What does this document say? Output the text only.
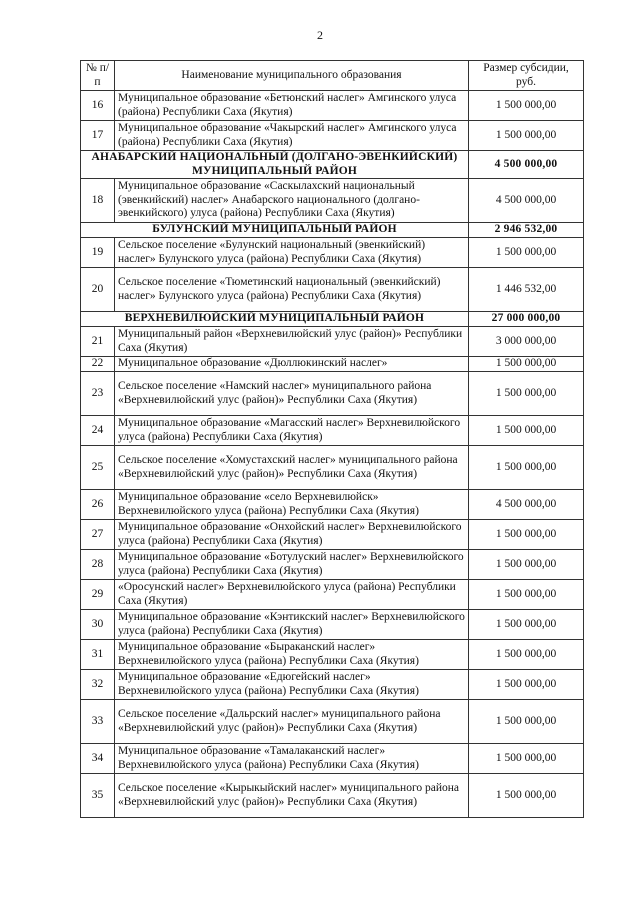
2
№ п/п	Наименование муниципального образования	Размер субсидии, руб.
16	Муниципальное образование «Бетюнский наслег» Амгинского улуса (района) Республики Саха (Якутия)	1 500 000,00
17	Муниципальное образование «Чакырский наслег» Амгинского улуса (района) Республики Саха (Якутия)	1 500 000,00
АНАБАРСКИЙ НАЦИОНАЛЬНЫЙ (ДОЛГАНО-ЭВЕНКИЙСКИЙ) МУНИЦИПАЛЬНЫЙ РАЙОН		4 500 000,00
18	Муниципальное образование «Саскылахский национальный (эвенкийский) наслег» Анабарского национального (долгано-эвенкийского) улуса (района) Республики Саха (Якутия)	4 500 000,00
БУЛУНСКИЙ МУНИЦИПАЛЬНЫЙ РАЙОН		2 946 532,00
19	Сельское поселение «Булунский национальный (эвенкийский) наслег» Булунского улуса (района) Республики Саха (Якутия)	1 500 000,00
20	Сельское поселение «Тюметинский национальный (эвенкийский) наслег» Булунского улуса (района) Республики Саха (Якутия)	1 446 532,00
ВЕРХНЕВИЛЮЙСКИЙ МУНИЦИПАЛЬНЫЙ РАЙОН		27 000 000,00
21	Муниципальный район «Верхневилюйский улус (район)» Республики Саха (Якутия)	3 000 000,00
22	Муниципальное образование «Дюллюкинский наслег»	1 500 000,00
23	Сельское поселение «Намский наслег» муниципального района «Верхневилюйский улус (район)» Республики Саха (Якутия)	1 500 000,00
24	Муниципальное образование «Магасский наслег» Верхневилюйского улуса (района) Республики Саха (Якутия)	1 500 000,00
25	Сельское поселение «Хомустахский наслег» муниципального района «Верхневилюйский улус (район)» Республики Саха (Якутия)	1 500 000,00
26	Муниципальное образование «село Верхневилюйск» Верхневилюйского улуса (района) Республики Саха (Якутия)	4 500 000,00
27	Муниципальное образование «Онхойский наслег» Верхневилюйского улуса (района) Республики Саха (Якутия)	1 500 000,00
28	Муниципальное образование «Ботулуский наслег» Верхневилюйского улуса (района) Республики Саха (Якутия)	1 500 000,00
29	«Оросунский наслег» Верхневилюйского улуса (района) Республики Саха (Якутия)	1 500 000,00
30	Муниципальное образование «Кэнтикский наслег» Верхневилюйского улуса (района) Республики Саха (Якутия)	1 500 000,00
31	Муниципальное образование «Быраканский наслег» Верхневилюйского улуса (района) Республики Саха (Якутия)	1 500 000,00
32	Муниципальное образование «Едюгейский наслег» Верхневилюйского улуса (района) Республики Саха (Якутия)	1 500 000,00
33	Сельское поселение «Дальрский наслег» муниципального района «Верхневилюйский улус (район)» Республики Саха (Якутия)	1 500 000,00
34	Муниципальное образование «Тамалаканский наслег» Верхневилюйского улуса (района) Республики Саха (Якутия)	1 500 000,00
35	Сельское поселение «Кырыкыйский наслег» муниципального района «Верхневилюйский улус (район)» Республики Саха (Якутия)	1 500 000,00
